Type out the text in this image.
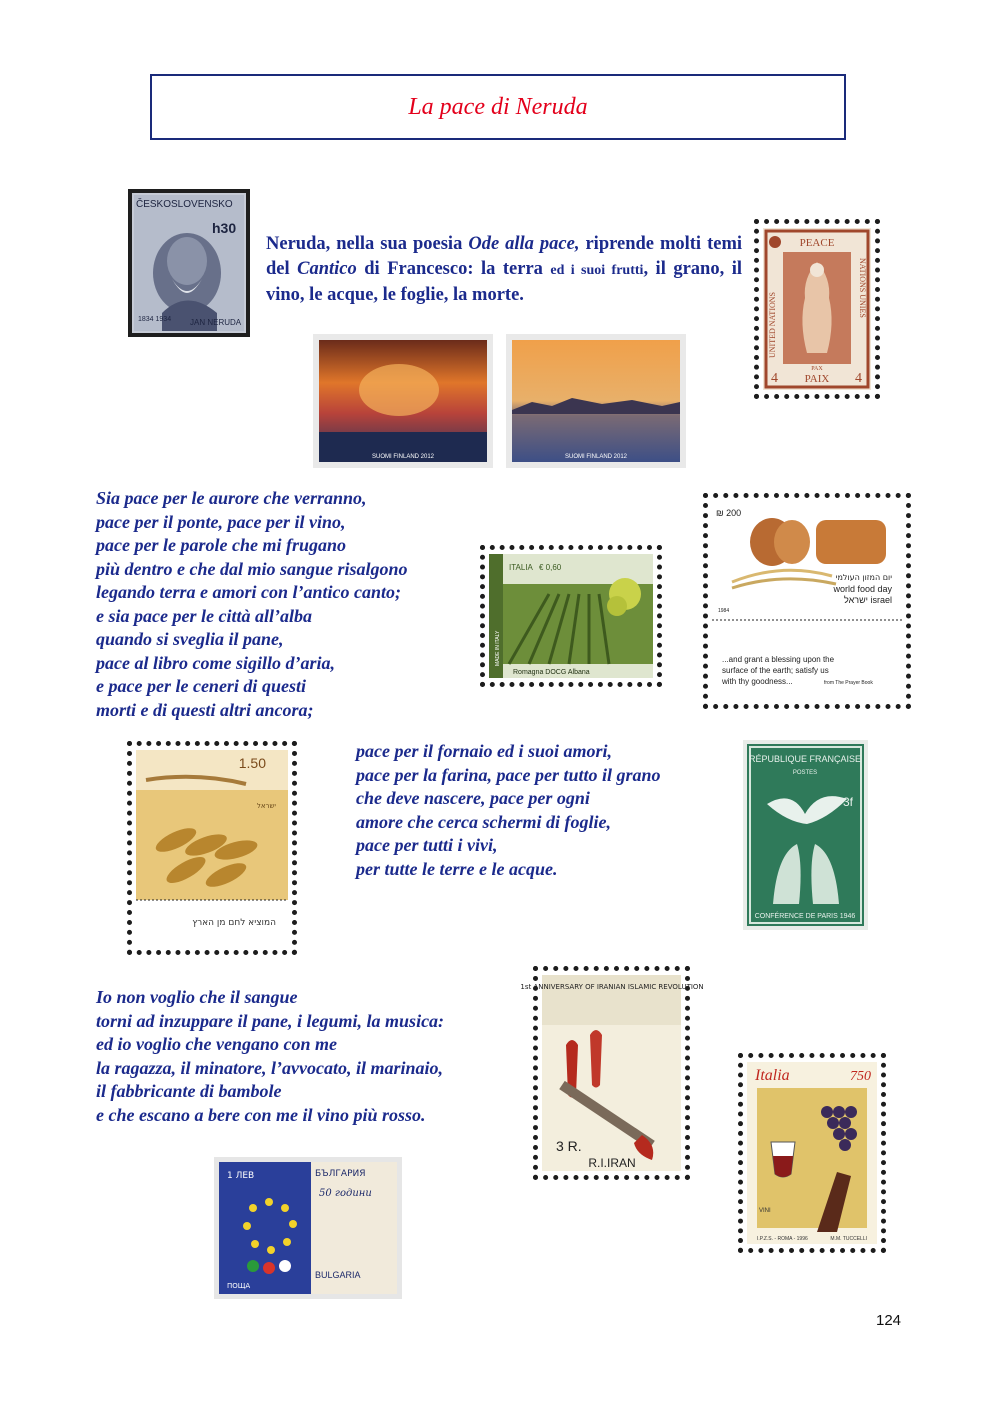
La pace di Neruda
ČESKOSLOVENSKO
h30
1834 1934 JAN NERUDA
Neruda, nella sua poesia Ode alla pace, riprende molti temi del Cantico di Francesco: la terra ed i suoi frutti, il grano, il vino, le acque, le foglie, la morte.
PEACE
UNITED NATIONS
NATIONS UNIES
4	4
PAIX
PAX
SUOMI FINLAND 2012	SUOMI FINLAND 2012
Sia pace per le aurore che verranno,
pace per il ponte, pace per il vino,
pace per le parole che mi frugano
più dentro e che dal mio sangue risalgono
legando terra e amori con l’antico canto;
e sia pace per le città all’alba
quando si sveglia il pane,
pace al libro come sigillo d’aria,
e pace per le ceneri di questi
morti e di questi altri ancora;
ITALIA € 0,60
Romagna DOCG Albana
MADE IN ITALY
₪ 200
יום המזון העולמי
world food day
ישראל israel
1984
...and grant a blessing upon the
surface of the earth; satisfy us
with thy goodness...	from The Prayer Book
1.50
המוציא לחם מן הארץ
ישראל
pace per il fornaio ed i suoi amori,
pace per la farina, pace per tutto il grano
che deve nascere, pace per ogni
amore che cerca schermi di foglie,
pace per tutti i vivi,
per tutte le terre e le acque.
RÉPUBLIQUE FRANÇAISE
POSTES
3f
CONFÉRENCE DE PARIS 1946
Io non voglio che il sangue
torni ad inzuppare il pane, i legumi, la musica:
ed io voglio che vengano con me
la ragazza, il minatore, l’avvocato, il marinaio,
il fabbricante di bambole
e che escano a bere con me il vino più rosso.
1st ANNIVERSARY OF IRANIAN ISLAMIC REVOLUTION
3 R.
R.I.IRAN
Italia	750
VINI
I.P.Z.S. - ROMA - 1996	M.M. TUCCELLI
1 ЛЕВ	БЪЛГАРИЯ
50 години
BULGARIA
ПОЩА
124
